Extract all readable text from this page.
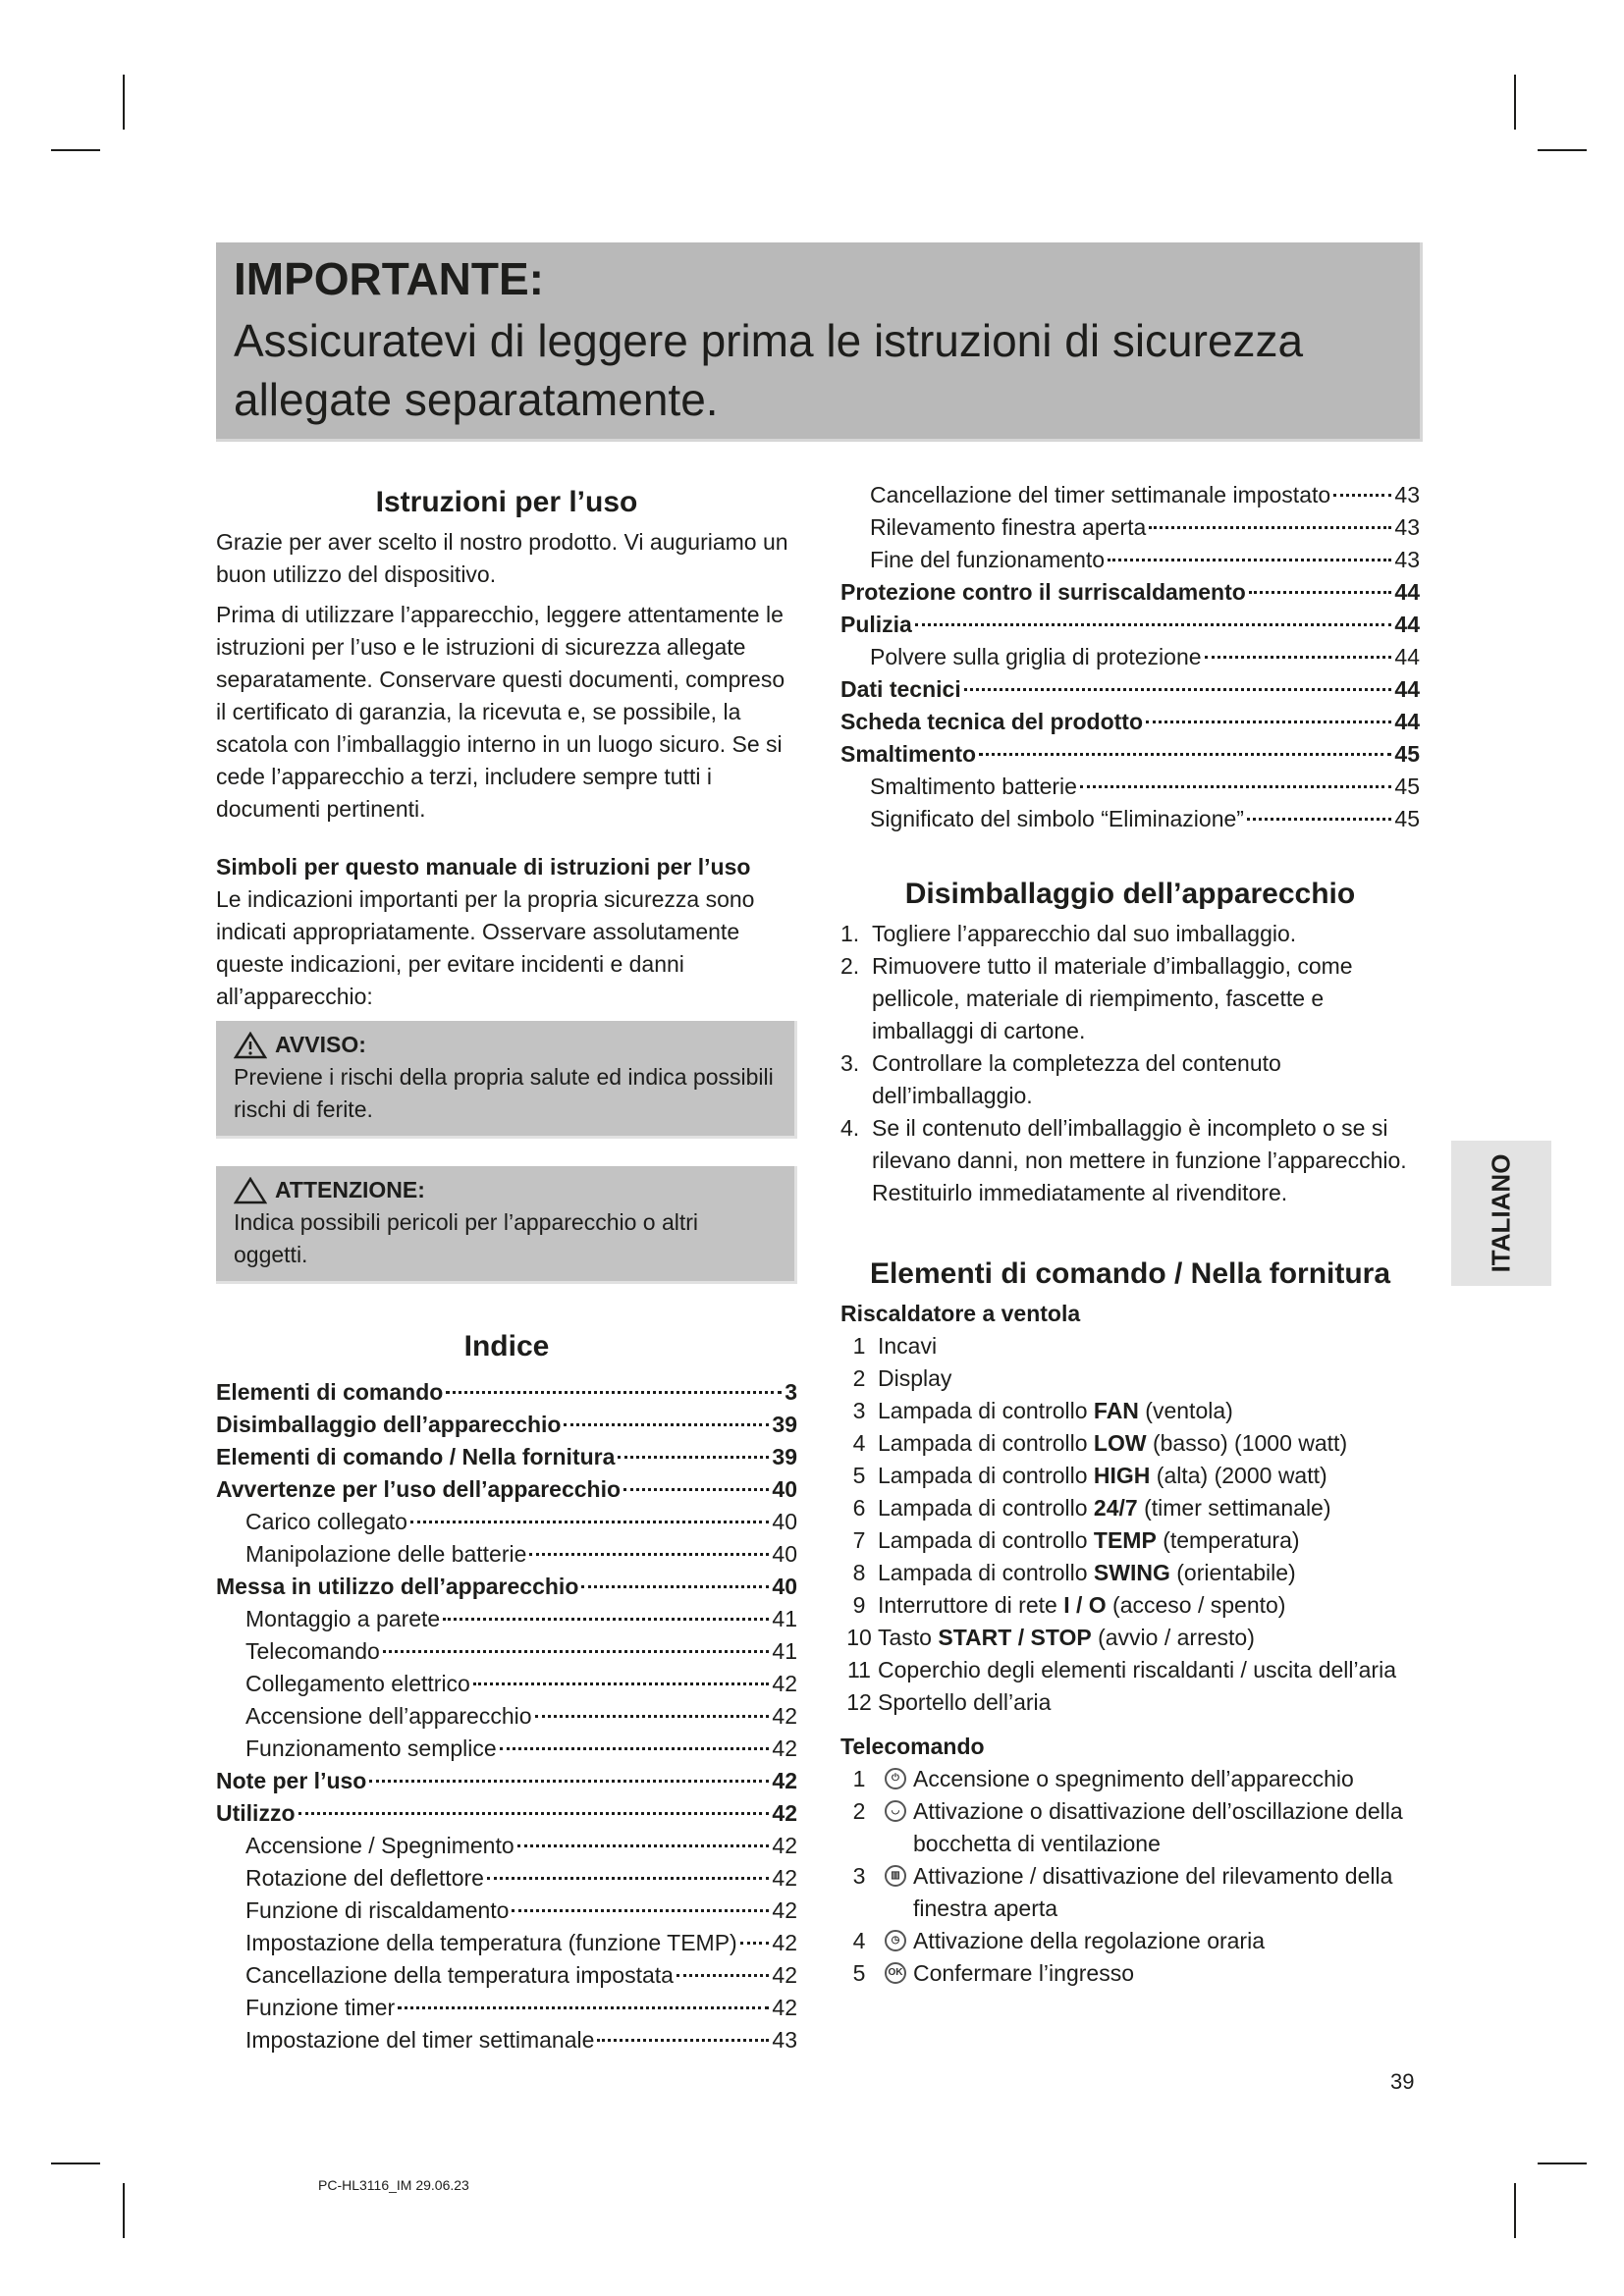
IMPORTANTE:
Assicuratevi di leggere prima le istruzioni di sicurezza allegate separatamente.
Istruzioni per l’uso

Grazie per aver scelto il nostro prodotto. Vi auguriamo un buon utilizzo del dispositivo.

Prima di utilizzare l’apparecchio, leggere attentamente le istruzioni per l’uso e le istruzioni di sicurezza allegate separatamente. Conservare questi documenti, compreso il certificato di garanzia, la ricevuta e, se possibile, la scatola con l’imballaggio interno in un luogo sicuro. Se si cede l’apparecchio a terzi, includere sempre tutti i documenti pertinenti.

Simboli per questo manuale di istruzioni per l’uso

Le indicazioni importanti per la propria sicurezza sono indicati appropriatamente. Osservare assolutamente queste indicazioni, per evitare incidenti e danni all’apparecchio:

AVVISO:
Previene i rischi della propria salute ed indica possibili rischi di ferite.
ATTENZIONE:
Indica possibili pericoli per l’apparecchio o altri oggetti.
Indice
Elementi di comando	3
Disimballaggio dell’apparecchio	39
Elementi di comando / Nella fornitura	39
Avvertenze per l’uso dell’apparecchio	40
Carico collegato	40
Manipolazione delle batterie	40
Messa in utilizzo dell’apparecchio	40
Montaggio a parete	41
Telecomando	41
Collegamento elettrico	42
Accensione dell’apparecchio	42
Funzionamento semplice	42
Note per l’uso	42
Utilizzo	42
Accensione / Spegnimento	42
Rotazione del deflettore	42
Funzione di riscaldamento	42
Impostazione della temperatura (funzione TEMP) 42
Cancellazione della temperatura impostata	42
Funzione timer	42
Impostazione del timer settimanale	43
Cancellazione del timer settimanale impostato	43
Rilevamento finestra aperta	43
Fine del funzionamento	43
Protezione contro il surriscaldamento	44
Pulizia	44
Polvere sulla griglia di protezione	44
Dati tecnici	44
Scheda tecnica del prodotto	44
Smaltimento	45
Smaltimento batterie	45
Significato del simbolo “Eliminazione”	45
Disimballaggio dell’apparecchio
1. Togliere l’apparecchio dal suo imballaggio.
2. Rimuovere tutto il materiale d’imballaggio, come pellicole, materiale di riempimento, fascette e imballaggi di cartone.
3. Controllare la completezza del contenuto dell’imballaggio.
4. Se il contenuto dell’imballaggio è incompleto o se si rilevano danni, non mettere in funzione l’apparecchio. Restituirlo immediatamente al rivenditore.
Elementi di comando / Nella fornitura

Riscaldatore a ventola

1 Incavi
2 Display
3 Lampada di controllo FAN (ventola)
4 Lampada di controllo LOW (basso) (1000 watt)
5 Lampada di controllo HIGH (alta) (2000 watt)
6 Lampada di controllo 24/7 (timer settimanale)
7 Lampada di controllo TEMP (temperatura)
8 Lampada di controllo SWING (orientabile)
9 Interruttore di rete I / O (acceso / spento)
10 Tasto START / STOP (avvio / arresto)
11 Coperchio degli elementi riscaldanti / uscita dell’aria
12 Sportello dell’aria

Telecomando

1	⏻ Accensione o spegnimento dell’apparecchio
2	◡ Attivazione o disattivazione dell’oscillazione della bocchetta di ventilazione
3	▥ Attivazione / disattivazione del rilevamento della finestra aperta
4	◷ Attivazione della regolazione oraria
5	OK Confermare l’ingresso
ITALIANO
39
PC-HL3116_IM 29.06.23
